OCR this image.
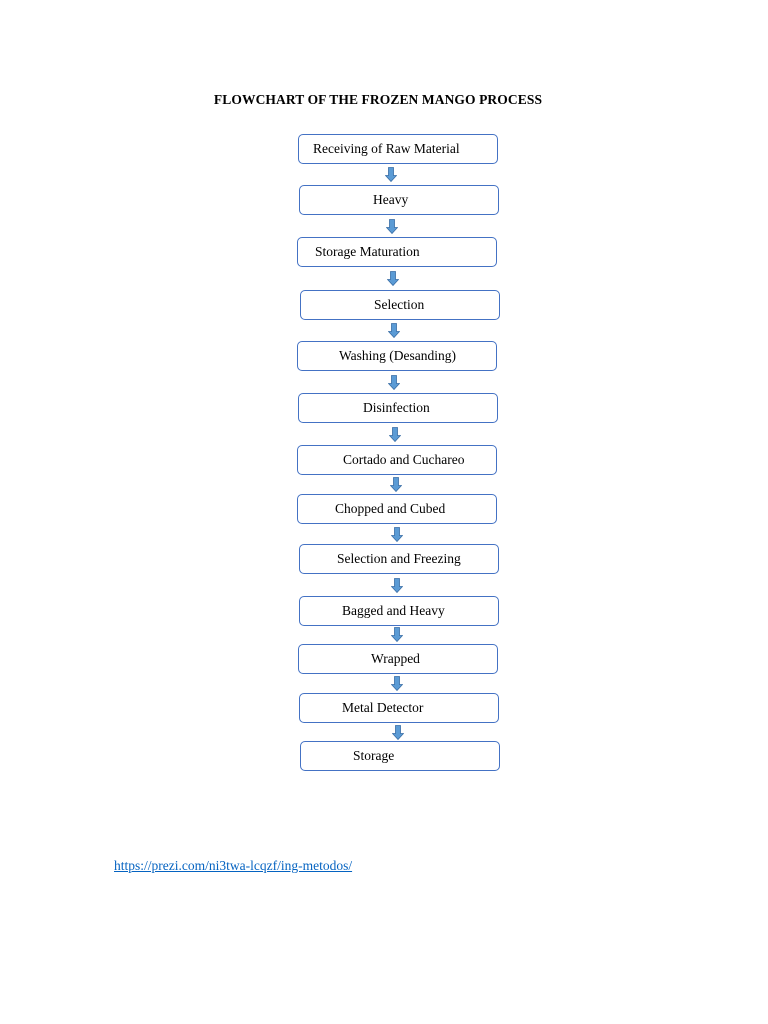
FLOWCHART OF THE FROZEN MANGO PROCESS
Receiving of Raw Material
Heavy
Storage Maturation
Selection
Washing (Desanding)
Disinfection
Cortado and Cuchareo
Chopped and Cubed
Selection and Freezing
Bagged and Heavy
Wrapped
Metal Detector
Storage
https://prezi.com/ni3twa-lcqzf/ing-metodos/
